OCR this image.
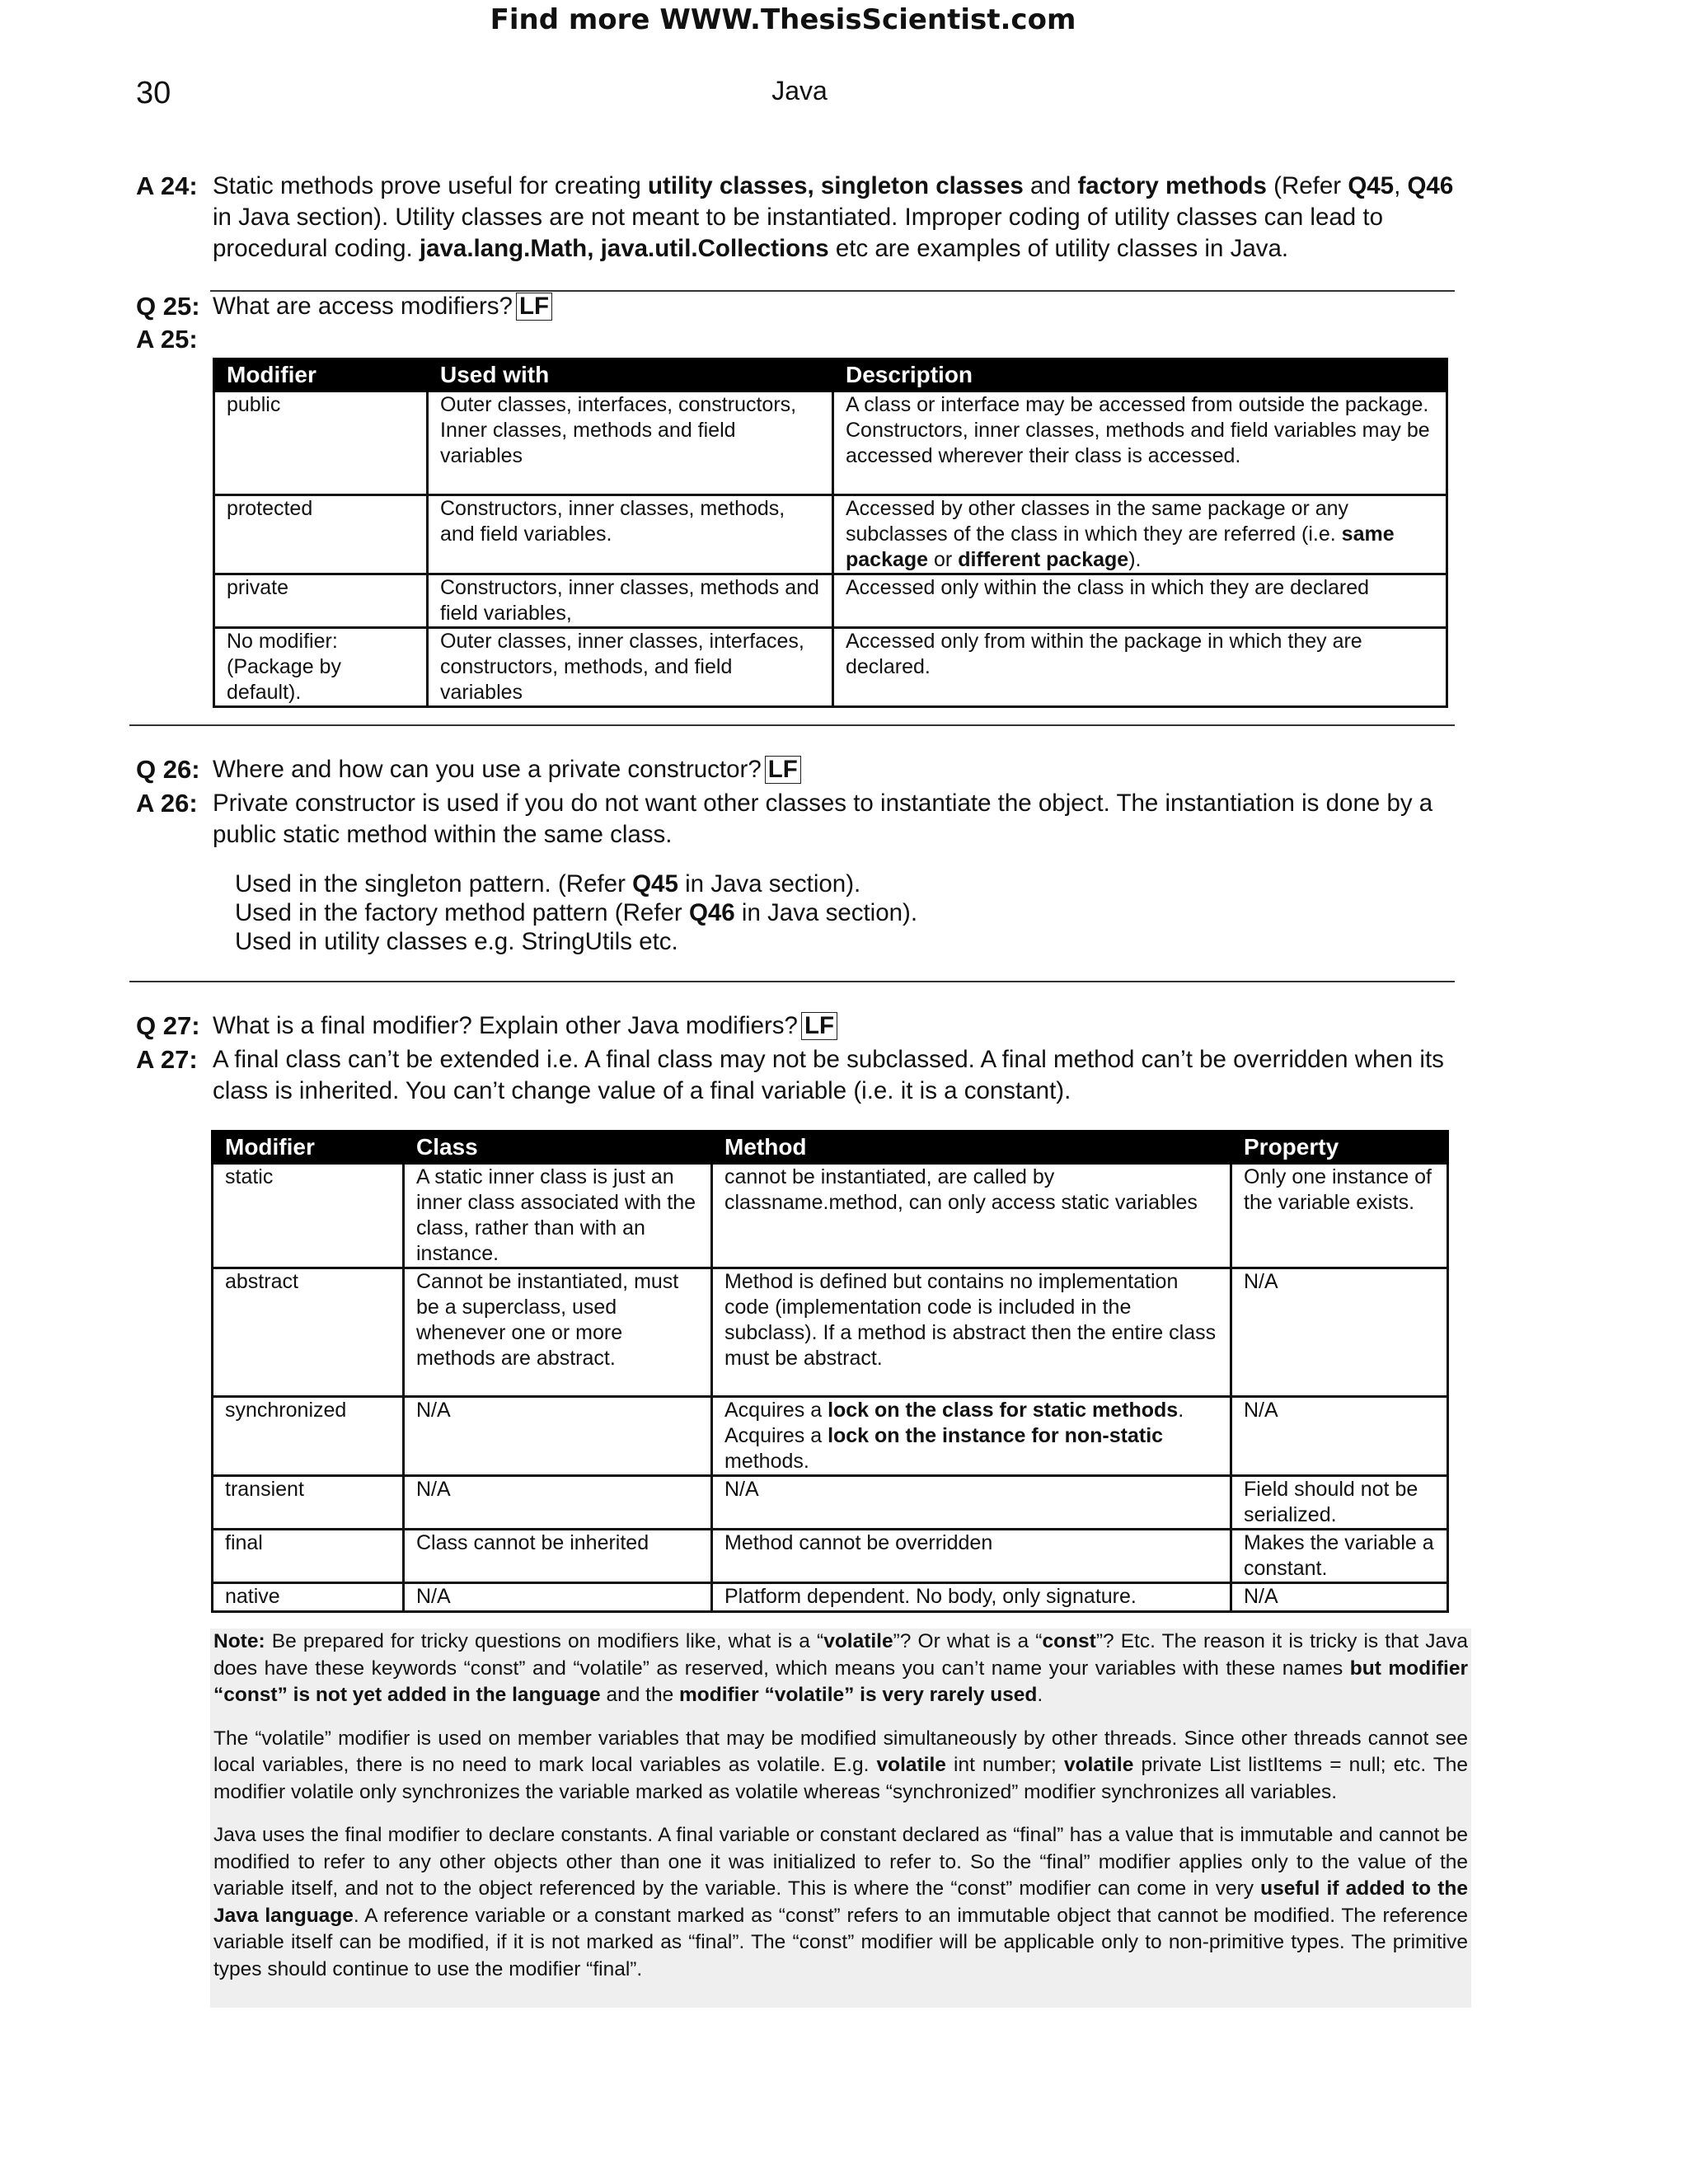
Find more WWW.ThesisScientist.com
30	Java
A 24: Static methods prove useful for creating utility classes, singleton classes and factory methods (Refer Q45, Q46 in Java section). Utility classes are not meant to be instantiated. Improper coding of utility classes can lead to procedural coding. java.lang.Math, java.util.Collections etc are examples of utility classes in Java.
Q 25: What are access modifiers? LF
A 25:
Modifier	Used with	Description
public	Outer classes, interfaces, constructors, Inner classes, methods and field variables	A class or interface may be accessed from outside the package. Constructors, inner classes, methods and field variables may be accessed wherever their class is accessed.
protected	Constructors, inner classes, methods, and field variables.	Accessed by other classes in the same package or any subclasses of the class in which they are referred (i.e. same package or different package).
private	Constructors, inner classes, methods and field variables,	Accessed only within the class in which they are declared
No modifier: (Package by default).	Outer classes, inner classes, interfaces, constructors, methods, and field variables	Accessed only from within the package in which they are declared.
Q 26: Where and how can you use a private constructor? LF
A 26: Private constructor is used if you do not want other classes to instantiate the object. The instantiation is done by a public static method within the same class.
Used in the singleton pattern. (Refer Q45 in Java section).
Used in the factory method pattern (Refer Q46 in Java section).
Used in utility classes e.g. StringUtils etc.
Q 27: What is a final modifier? Explain other Java modifiers? LF
A 27: A final class can’t be extended i.e. A final class may not be subclassed. A final method can’t be overridden when its class is inherited. You can’t change value of a final variable (i.e. it is a constant).
Modifier	Class	Method	Property
static	A static inner class is just an inner class associated with the class, rather than with an instance.	cannot be instantiated, are called by classname.method, can only access static variables	Only one instance of the variable exists.
abstract	Cannot be instantiated, must be a superclass, used whenever one or more methods are abstract.	Method is defined but contains no implementation code (implementation code is included in the subclass). If a method is abstract then the entire class must be abstract.	N/A
synchronized	N/A	Acquires a lock on the class for static methods. Acquires a lock on the instance for non-static methods.	N/A
transient	N/A	N/A	Field should not be serialized.
final	Class cannot be inherited	Method cannot be overridden	Makes the variable a constant.
native	N/A	Platform dependent. No body, only signature.	N/A

Note: Be prepared for tricky questions on modifiers like, what is a “volatile”? Or what is a “const”? Etc. The reason it is tricky is that Java does have these keywords “const” and “volatile” as reserved, which means you can’t name your variables with these names but modifier “const” is not yet added in the language and the modifier “volatile” is very rarely used.

The “volatile” modifier is used on member variables that may be modified simultaneously by other threads. Since other threads cannot see local variables, there is no need to mark local variables as volatile. E.g. volatile int number; volatile private List listItems = null; etc. The modifier volatile only synchronizes the variable marked as volatile whereas “synchronized” modifier synchronizes all variables.

Java uses the final modifier to declare constants. A final variable or constant declared as “final” has a value that is immutable and cannot be modified to refer to any other objects other than one it was initialized to refer to. So the “final” modifier applies only to the value of the variable itself, and not to the object referenced by the variable. This is where the “const” modifier can come in very useful if added to the Java language. A reference variable or a constant marked as “const” refers to an immutable object that cannot be modified. The reference variable itself can be modified, if it is not marked as “final”. The “const” modifier will be applicable only to non-primitive types. The primitive types should continue to use the modifier “final”.
